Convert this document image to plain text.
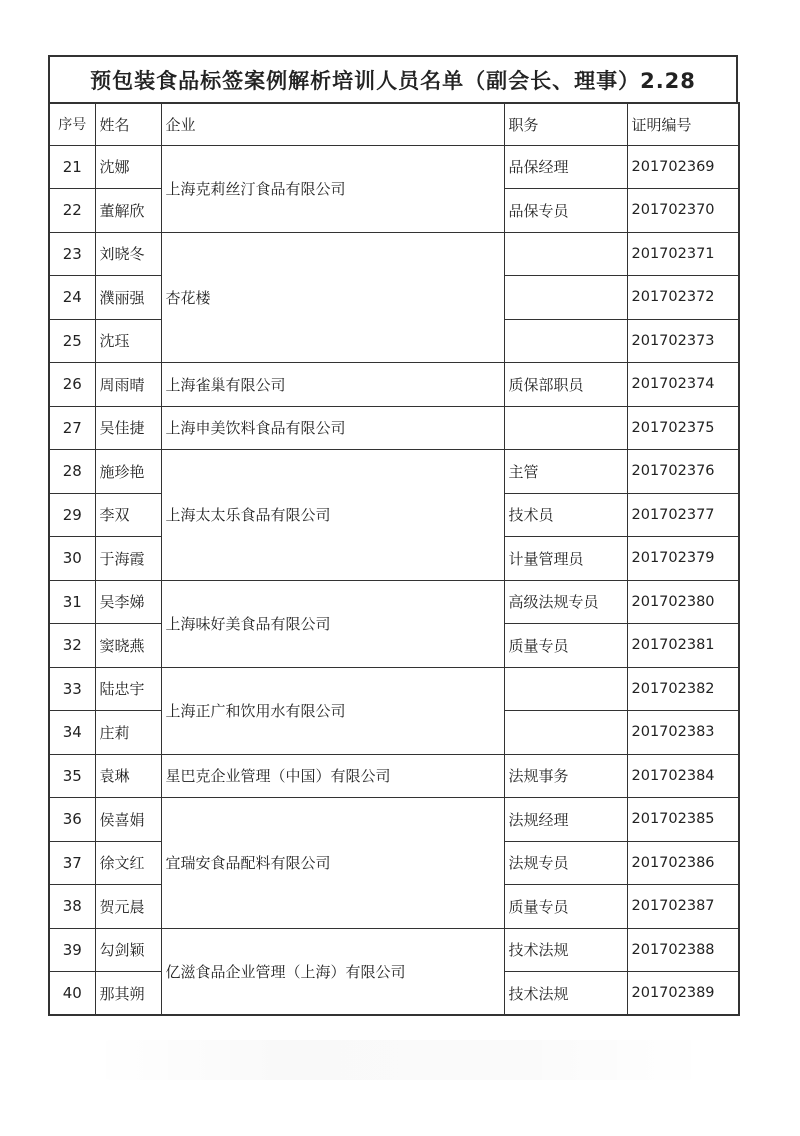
预包装食品标签案例解析培训人员名单（副会长、理事）2.28
序号	姓名	企业	职务	证明编号
21	沈娜	上海克莉丝汀食品有限公司	品保经理	201702369
22	董解欣		品保专员	201702370
23	刘晓冬	杏花楼		201702371
24	濮丽强			201702372
25	沈珏			201702373
26	周雨晴	上海雀巢有限公司	质保部职员	201702374
27	吴佳捷	上海申美饮料食品有限公司		201702375
28	施珍艳	上海太太乐食品有限公司	主管	201702376
29	李双		技术员	201702377
30	于海霞		计量管理员	201702379
31	吴李娣	上海味好美食品有限公司	高级法规专员	201702380
32	窦晓燕		质量专员	201702381
33	陆忠宇	上海正广和饮用水有限公司		201702382
34	庄莉			201702383
35	袁琳	星巴克企业管理（中国）有限公司	法规事务	201702384
36	侯喜娟	宜瑞安食品配料有限公司	法规经理	201702385
37	徐文红		法规专员	201702386
38	贺元晨		质量专员	201702387
39	勾剑颖	亿滋食品企业管理（上海）有限公司	技术法规	201702388
40	那其朔		技术法规	201702389
